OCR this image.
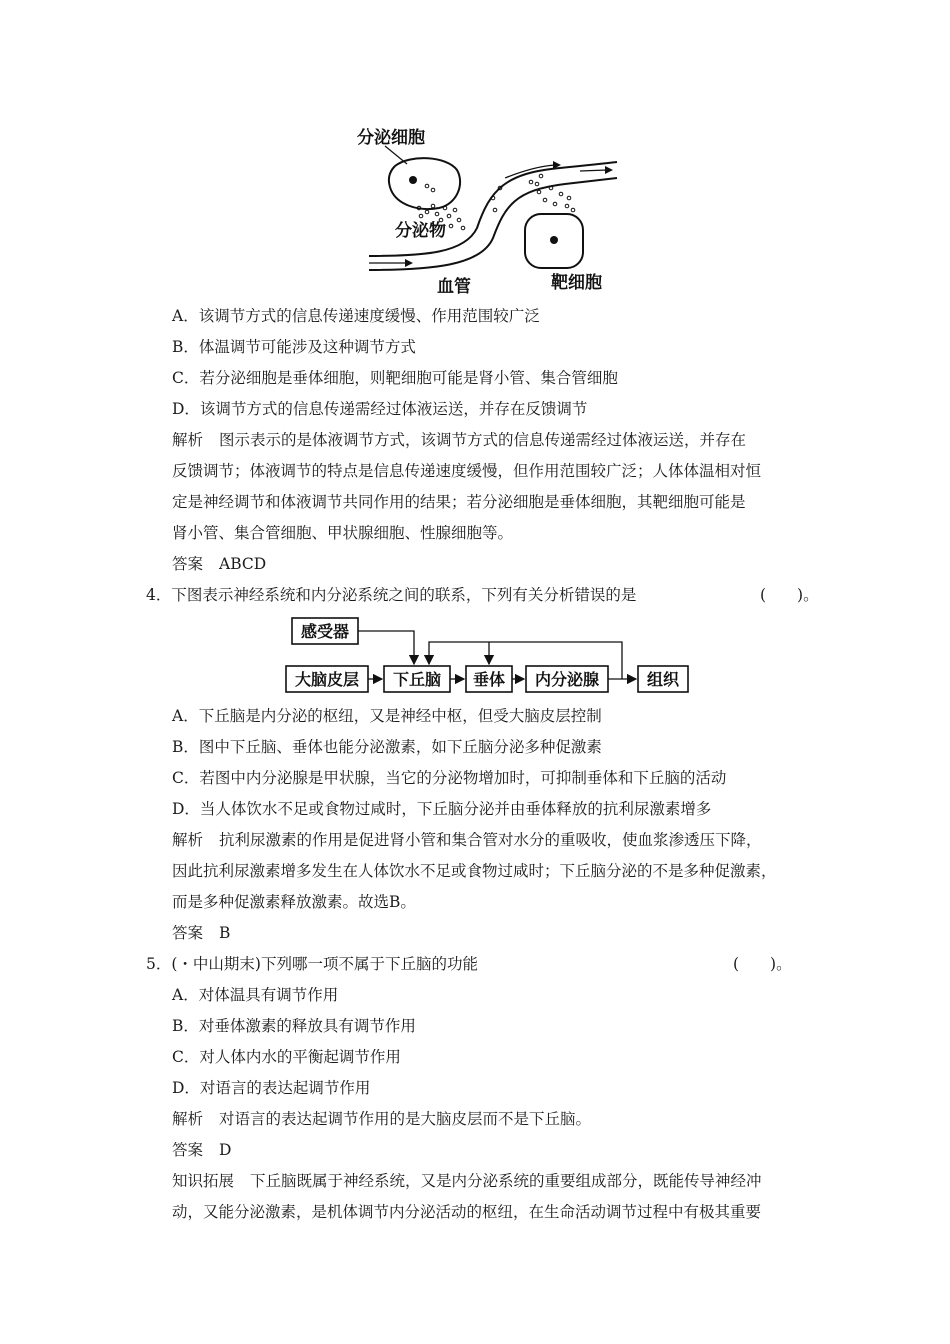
分泌细胞
分泌物
血管	靶细胞
A．该调节方式的信息传递速度缓慢、作用范围较广泛
B．体温调节可能涉及这种调节方式
C．若分泌细胞是垂体细胞，则靶细胞可能是肾小管、集合管细胞
D．该调节方式的信息传递需经过体液运送，并存在反馈调节
解析 图示表示的是体液调节方式，该调节方式的信息传递需经过体液运送，并存在
反馈调节；体液调节的特点是信息传递速度缓慢，但作用范围较广泛；人体体温相对恒
定是神经调节和体液调节共同作用的结果；若分泌细胞是垂体细胞，其靶细胞可能是
肾小管、集合管细胞、甲状腺细胞、性腺细胞等。
答案 ABCD
4．下图表示神经系统和内分泌系统之间的联系，下列有关分析错误的是	(　　)。
感受器
大脑皮层 下丘脑 垂体 内分泌腺	组织
A．下丘脑是内分泌的枢纽，又是神经中枢，但受大脑皮层控制
B．图中下丘脑、垂体也能分泌激素，如下丘脑分泌多种促激素
C．若图中内分泌腺是甲状腺，当它的分泌物增加时，可抑制垂体和下丘脑的活动
D．当人体饮水不足或食物过咸时，下丘脑分泌并由垂体释放的抗利尿激素增多
解析 抗利尿激素的作用是促进肾小管和集合管对水分的重吸收，使血浆渗透压下降，
因此抗利尿激素增多发生在人体饮水不足或食物过咸时；下丘脑分泌的不是多种促激素，
而是多种促激素释放激素。故选B。
答案 B
5．(・中山期末)下列哪一项不属于下丘脑的功能	(　　)。
A．对体温具有调节作用
B．对垂体激素的释放具有调节作用
C．对人体内水的平衡起调节作用
D．对语言的表达起调节作用
解析 对语言的表达起调节作用的是大脑皮层而不是下丘脑。
答案 D
知识拓展 下丘脑既属于神经系统，又是内分泌系统的重要组成部分，既能传导神经冲
动，又能分泌激素，是机体调节内分泌活动的枢纽，在生命活动调节过程中有极其重要
